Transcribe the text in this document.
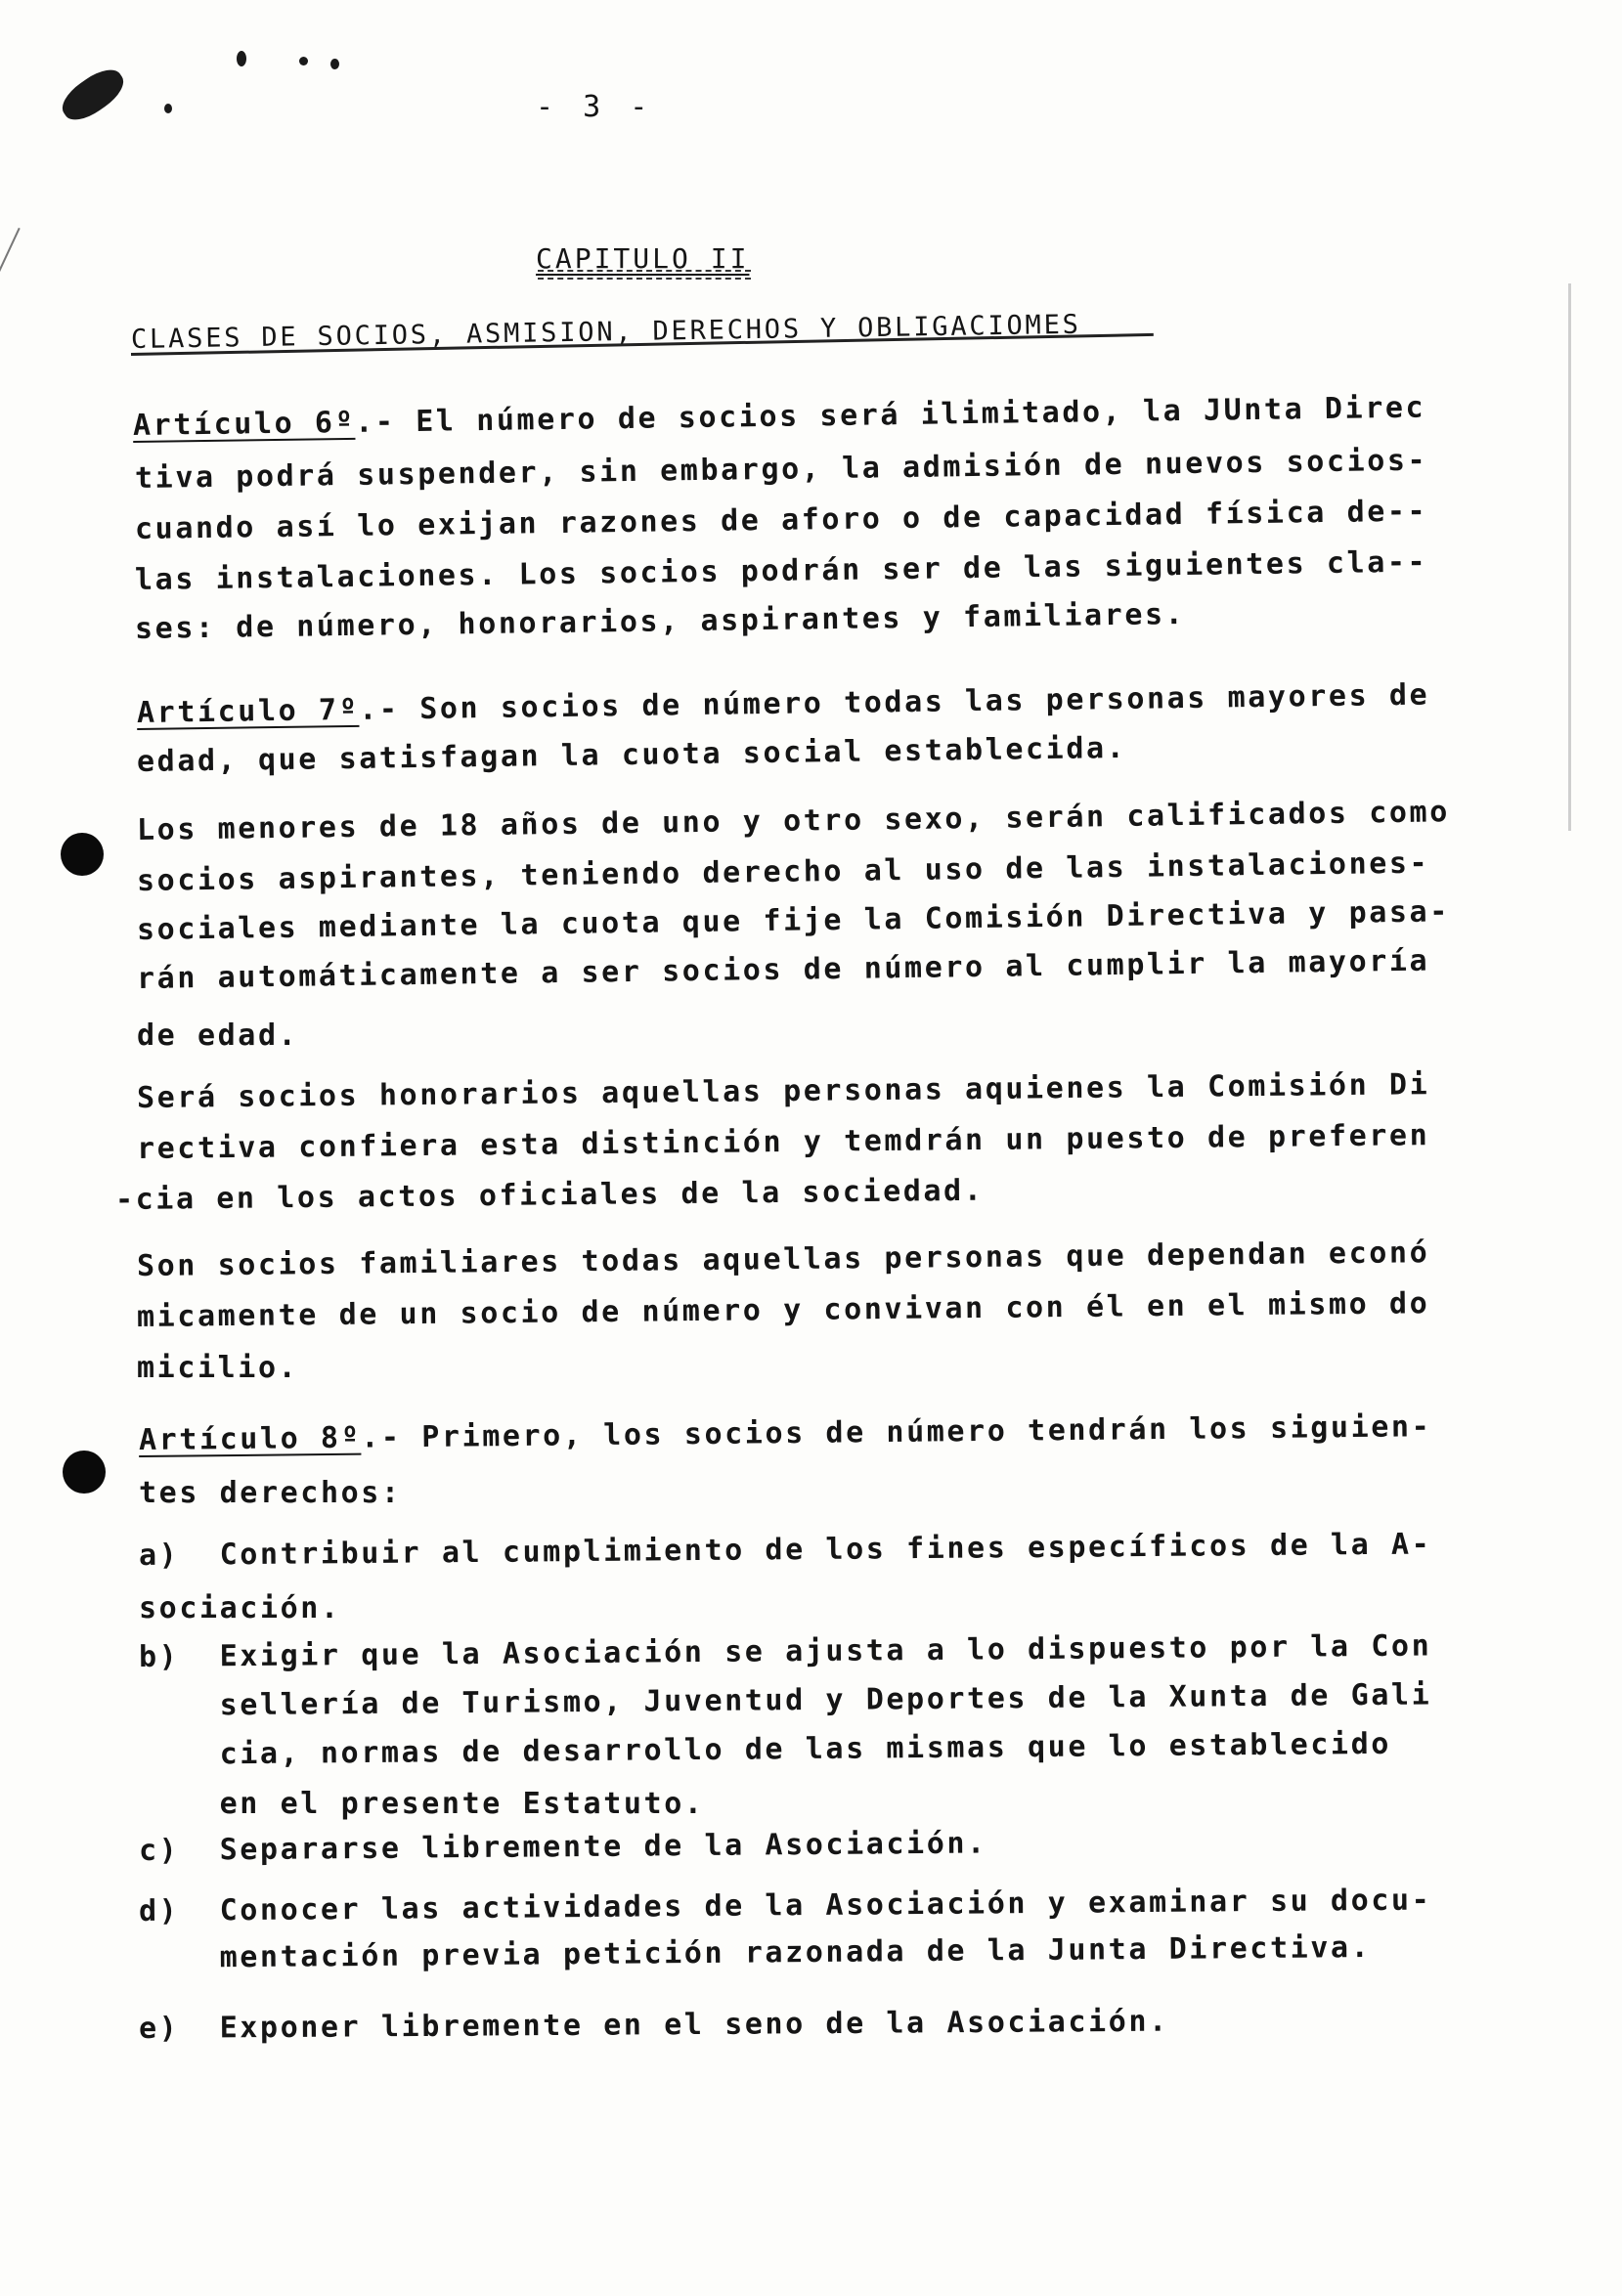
- 3 -
CAPITULO II
CLASES DE SOCIOS, ASMISION, DERECHOS Y OBLIGACIOMES
Artículo 6º.- El número de socios será ilimitado, la JUnta Direc
tiva podrá suspender, sin embargo, la admisión de nuevos socios-
cuando así lo exijan razones de aforo o de capacidad física de--
las instalaciones. Los socios podrán ser de las siguientes cla--
ses: de número, honorarios, aspirantes y familiares.
Artículo 7º.- Son socios de número todas las personas mayores de
edad, que satisfagan la cuota social establecida.
Los menores de 18 años de uno y otro sexo, serán calificados como
socios aspirantes, teniendo derecho al uso de las instalaciones-
sociales mediante la cuota que fije la Comisión Directiva y pasa-
rán automáticamente a ser socios de número al cumplir la mayoría
de edad.
Será socios honorarios aquellas personas aquienes la Comisión Di
rectiva confiera esta distinción y temdrán un puesto de preferen
-cia en los actos oficiales de la sociedad.
Son socios familiares todas aquellas personas que dependan econó
micamente de un socio de número y convivan con él en el mismo do
micilio.
Artículo 8º.- Primero, los socios de número tendrán los siguien-
tes derechos:
a)  Contribuir al cumplimiento de los fines específicos de la A-
sociación.
b)  Exigir que la Asociación se ajusta a lo dispuesto por la Con
sellería de Turismo, Juventud y Deportes de la Xunta de Gali
cia, normas de desarrollo de las mismas que lo establecido
en el presente Estatuto.
c)  Separarse libremente de la Asociación.
d)  Conocer las actividades de la Asociación y examinar su docu-
mentación previa petición razonada de la Junta Directiva.
e)  Exponer libremente en el seno de la Asociación.
